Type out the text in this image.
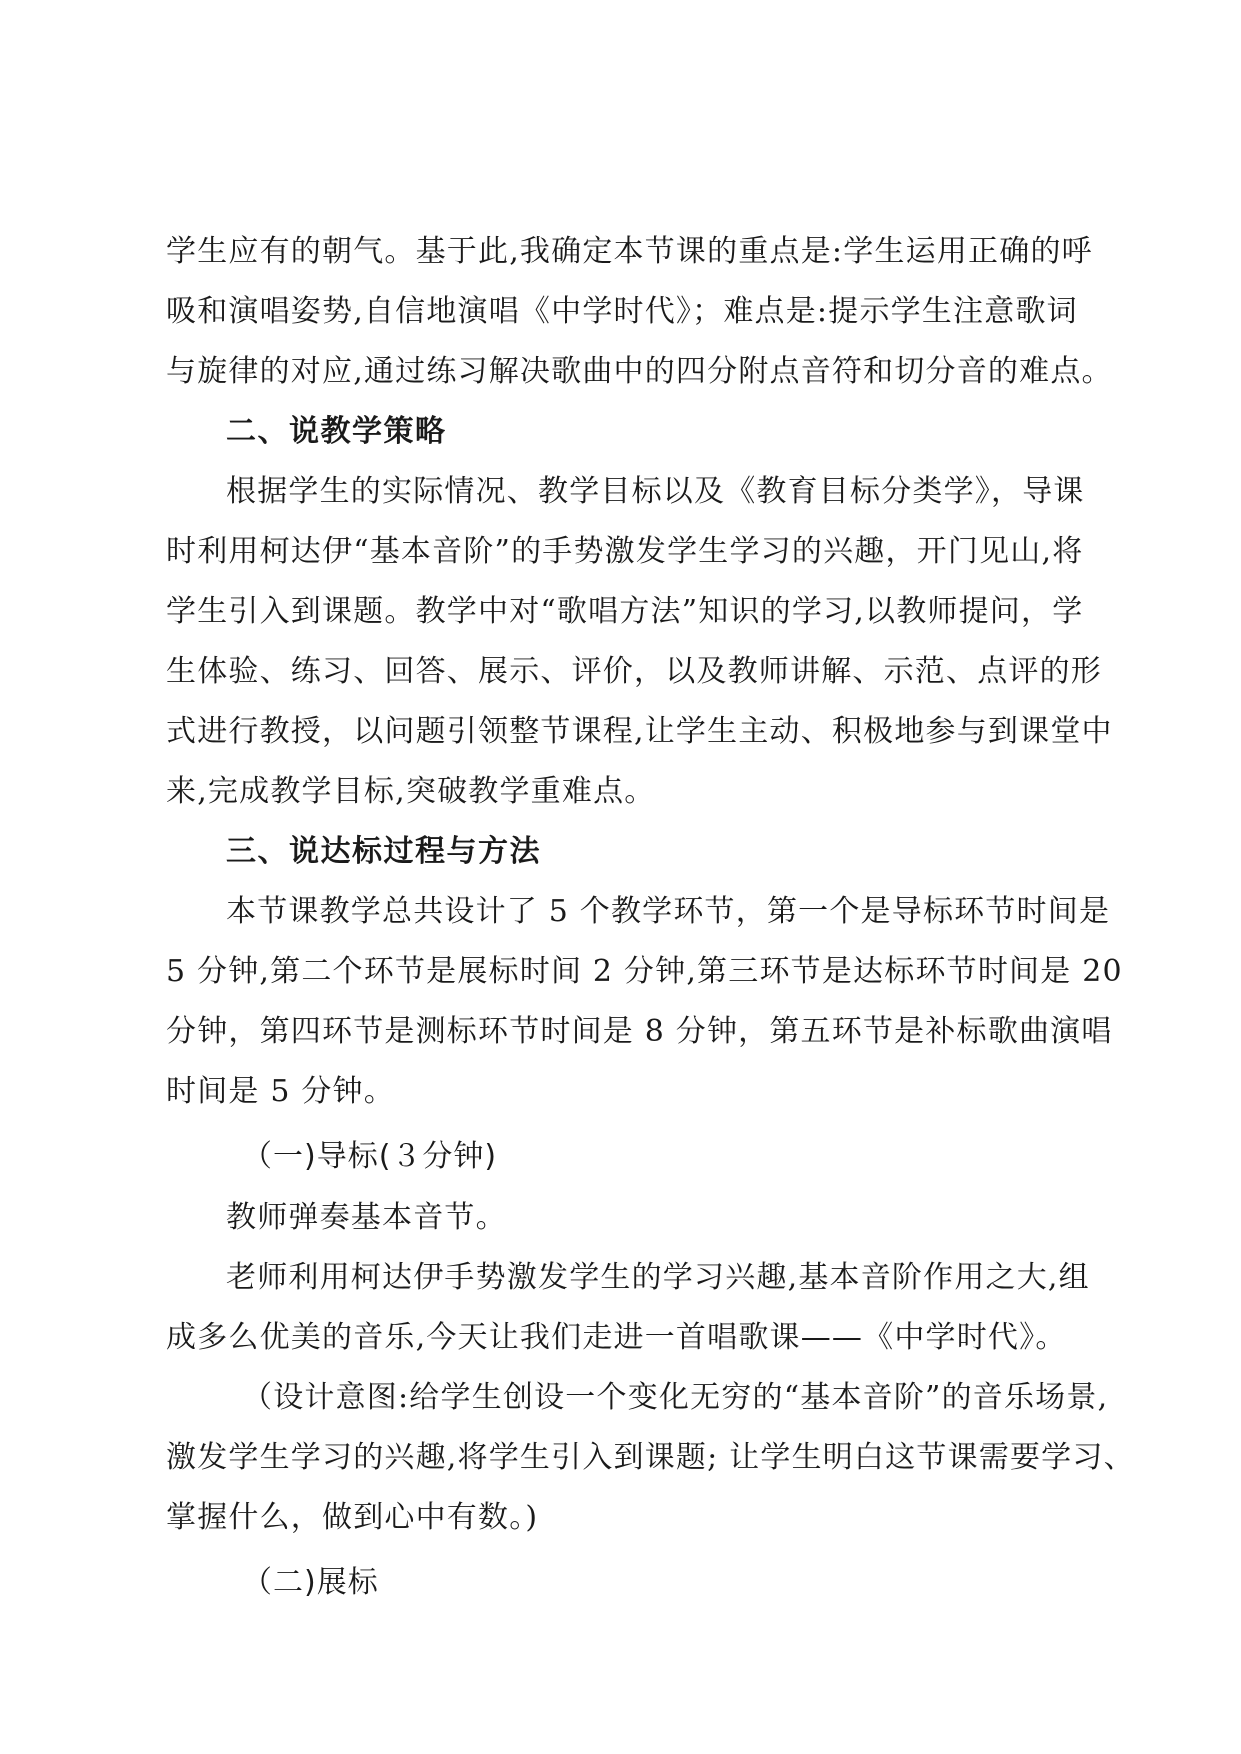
学生应有的朝气。基于此,我确定本节课的重点是:学生运用正确的呼

吸和演唱姿势,自信地演唱《中学时代》；难点是:提示学生注意歌词

与旋律的对应,通过练习解决歌曲中的四分附点音符和切分音的难点。

二、说教学策略

根据学生的实际情况、教学目标以及《教育目标分类学》，导课

时利用柯达伊“基本音阶”的手势激发学生学习的兴趣，开门见山,将

学生引入到课题。教学中对“歌唱方法”知识的学习,以教师提问，学

生体验、练习、回答、展示、评价，以及教师讲解、示范、点评的形

式进行教授，以问题引领整节课程,让学生主动、积极地参与到课堂中

来,完成教学目标,突破教学重难点。

三、说达标过程与方法

本节课教学总共设计了 5 个教学环节，第一个是导标环节时间是

5 分钟,第二个环节是展标时间 2 分钟,第三环节是达标环节时间是 20

分钟，第四环节是测标环节时间是 8 分钟，第五环节是补标歌曲演唱

时间是 5 分钟。

（一)导标(３分钟)

教师弹奏基本音节。

老师利用柯达伊手势激发学生的学习兴趣,基本音阶作用之大,组

成多么优美的音乐,今天让我们走进一首唱歌课——《中学时代》。

（设计意图:给学生创设一个变化无穷的“基本音阶”的音乐场景,

激发学生学习的兴趣,将学生引入到课题; 让学生明白这节课需要学习、

掌握什么，做到心中有数。)

（二)展标
